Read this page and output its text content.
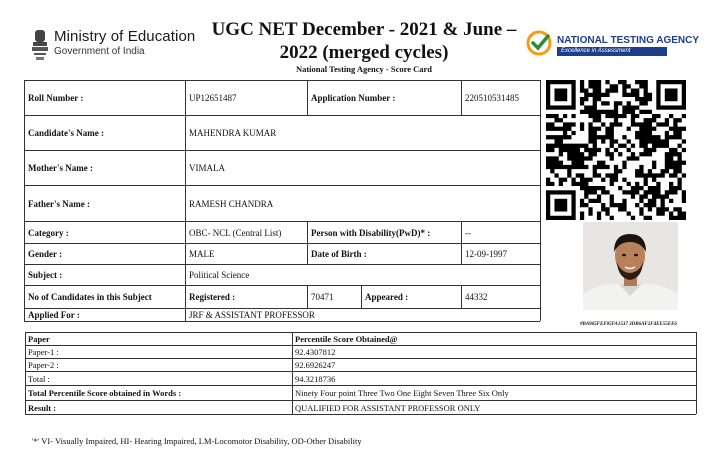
Ministry of Education
Government of India
UGC NET December - 2021 & June –
2022 (merged cycles)
National Testing Agency - Score Card
NATIONAL TESTING AGENCY
Excellence in Assessment
Roll Number :	UP12651487	Application Number :	220510531485
Candidate's Name :	MAHENDRA KUMAR
Mother's Name :	VIMALA
Father's Name :	RAMESH CHANDRA
Category :	OBC- NCL (Central List)	Person with Disability(PwD)* :	--
Gender :	MALE	Date of Birth :	12-09-1997
Subject :	Political Science
No of Candidates in this Subject	Registered :	70471	Appeared :	44332
Applied For :	JRF & ASSISTANT PROFESSOR
#BA965FEF05FA1537 3DB6AF2F4EE55EE6
Paper	Percentile Score Obtained@
Paper-1 :	92.4307812
Paper-2 :	92.6926247
Total :	94.3218736
Total Percentile Score obtained in Words :	Ninety Four point Three Two One Eight Seven Three Six Only
Result :	QUALIFIED FOR ASSISTANT PROFESSOR ONLY
'*' VI- Visually Impaired, HI- Hearing Impaired, LM-Locomotor Disability, OD-Other Disability
